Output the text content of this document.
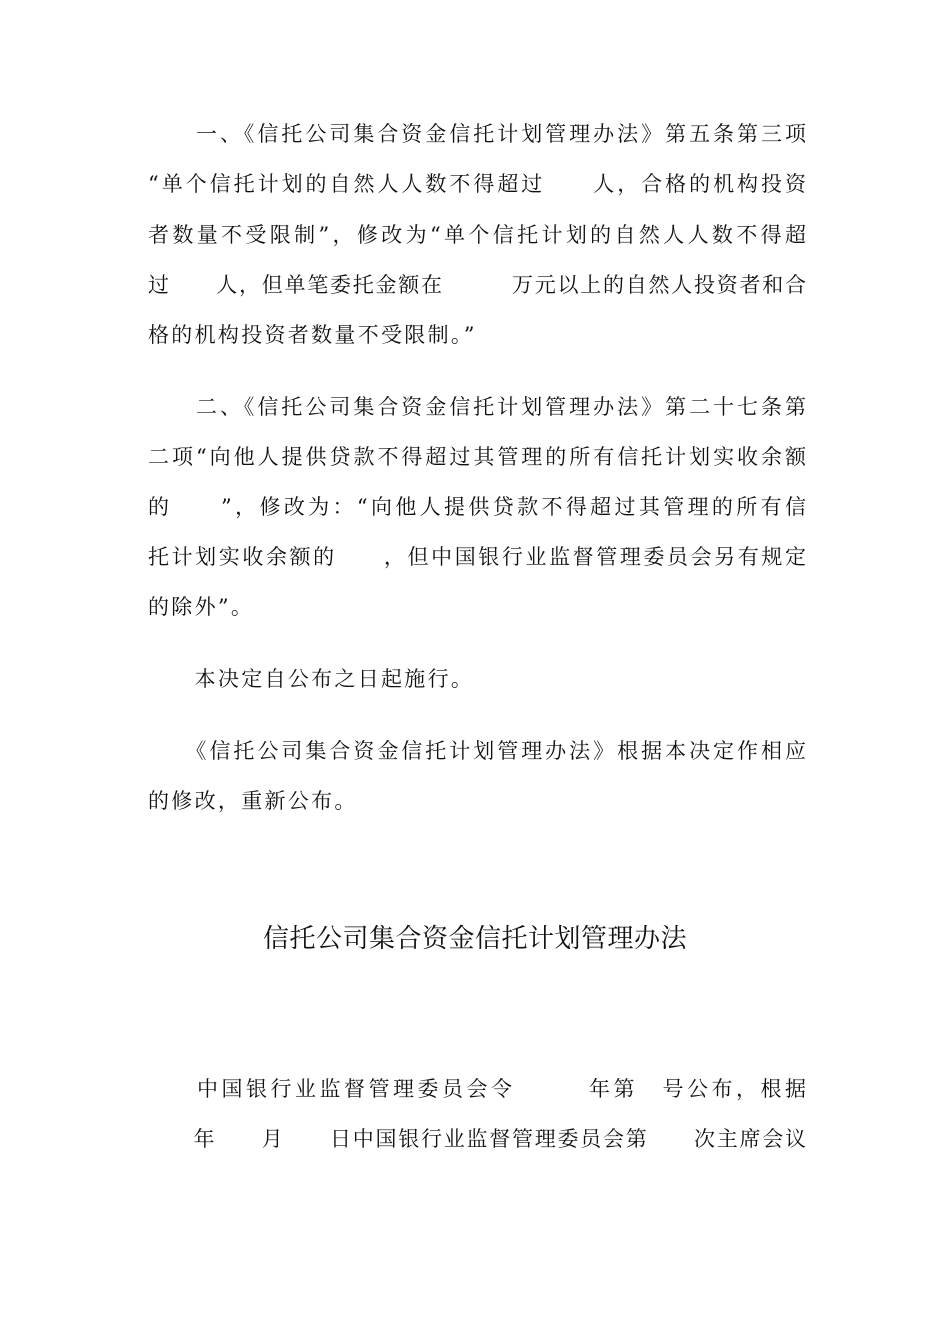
　　一、《信托公司集合资金信托计划管理办法》第五条第三项
“单个信托计划的自然人人数不得超过　　人，合格的机构投资
者数量不受限制”，修改为“单个信托计划的自然人人数不得超
过　　人，但单笔委托金额在　　　万元以上的自然人投资者和合
格的机构投资者数量不受限制。”
　　二、《信托公司集合资金信托计划管理办法》第二十七条第
二项“向他人提供贷款不得超过其管理的所有信托计划实收余额
的　　”，修改为：“向他人提供贷款不得超过其管理的所有信
托计划实收余额的　　，但中国银行业监督管理委员会另有规定
的除外”。
　　本决定自公布之日起施行。
　　《信托公司集合资金信托计划管理办法》根据本决定作相应
的修改，重新公布。
信托公司集合资金信托计划管理办法
　　中国银行业监督管理委员会令　　　年第　号公布，根据
　　年　　月　　日中国银行业监督管理委员会第　　次主席会议
